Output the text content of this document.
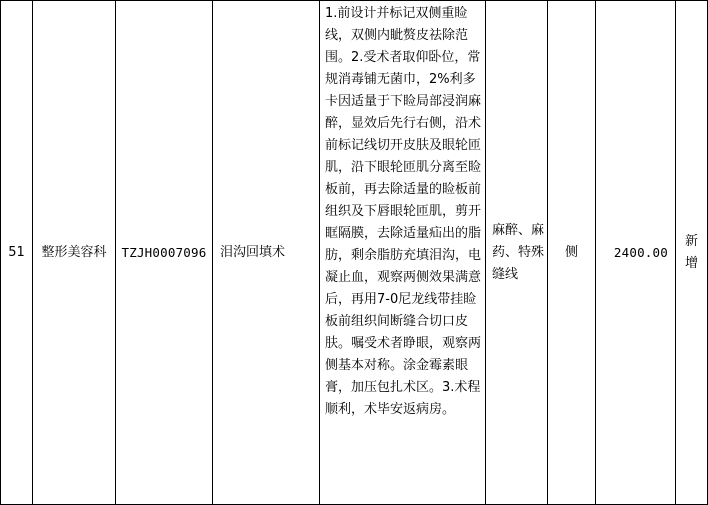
51 整形美容科 TZJH0007096 泪沟回填术
1.前设计并标记双侧重睑线，双侧内眦赘皮祛除范围。2.受术者取仰卧位，常规消毒铺无菌巾，2%利多卡因适量于下睑局部浸润麻醉，显效后先行右侧，沿术前标记线切开皮肤及眼轮匝肌，沿下眼轮匝肌分离至睑板前，再去除适量的睑板前组织及下唇眼轮匝肌，剪开眶隔膜，去除适量疝出的脂肪，剩余脂肪充填泪沟，电凝止血，观察两侧效果满意后，再用7-0尼龙线带挂睑板前组织间断缝合切口皮肤。嘱受术者睁眼，观察两侧基本对称。涂金霉素眼膏，加压包扎术区。3.术程顺利，术毕安返病房。
麻醉、麻药、特殊缝线
侧	2400.00
新增
